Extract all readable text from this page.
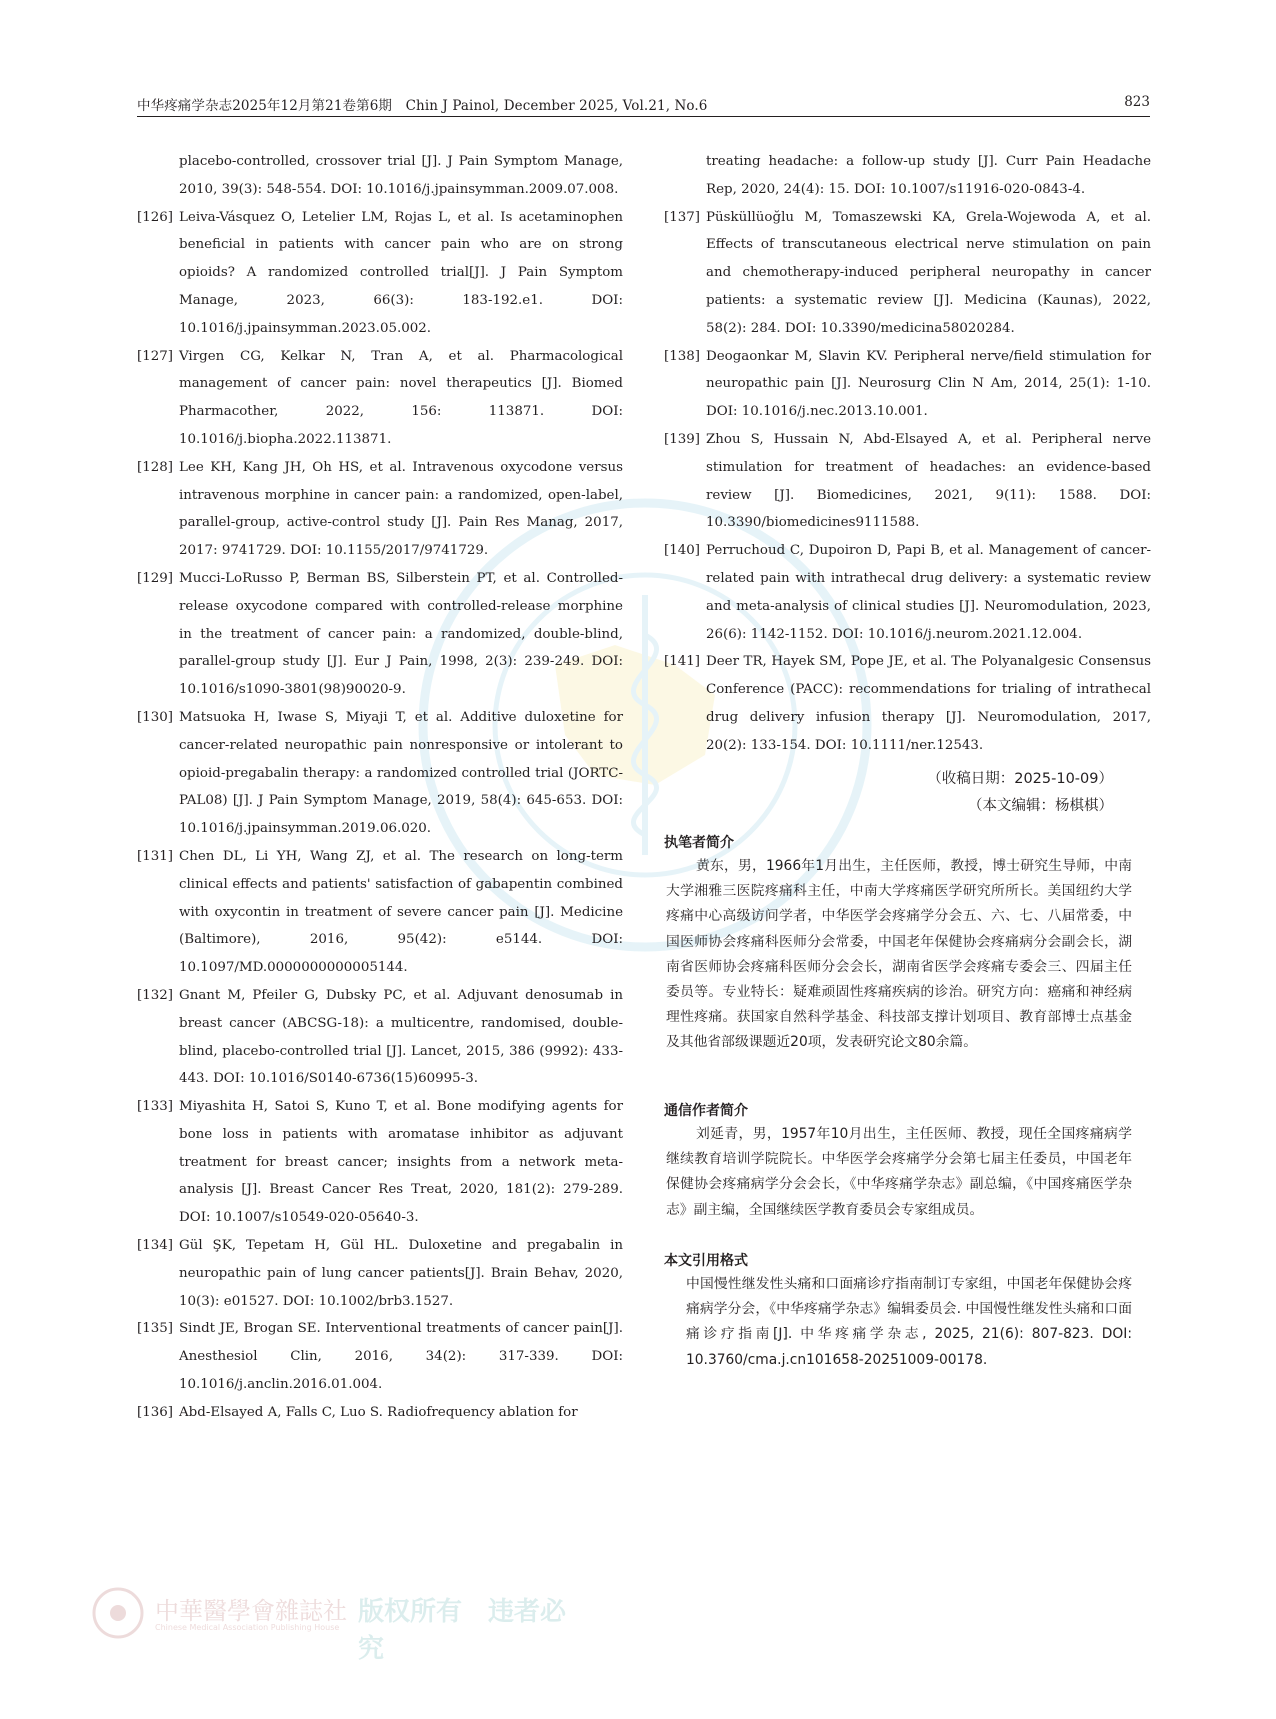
中华疼痛学杂志2025年12月第21卷第6期　Chin J Painol, December 2025, Vol.21, No.6	823
placebo-controlled, crossover trial [J]. J Pain Symptom Manage, 2010, 39(3): 548-554. DOI: 10.1016/j.jpainsymman.2009.07.008.
[126] Leiva-Vásquez O, Letelier LM, Rojas L, et al. Is acetaminophen beneficial in patients with cancer pain who are on strong opioids? A randomized controlled trial[J]. J Pain Symptom Manage, 2023, 66(3): 183-192.e1. DOI: 10.1016/j.jpainsymman.2023.05.002.
[127] Virgen CG, Kelkar N, Tran A, et al. Pharmacological management of cancer pain: novel therapeutics [J]. Biomed Pharmacother, 2022, 156: 113871. DOI: 10.1016/j.biopha.2022.113871.
[128] Lee KH, Kang JH, Oh HS, et al. Intravenous oxycodone versus intravenous morphine in cancer pain: a randomized, open-label, parallel-group, active-control study [J]. Pain Res Manag, 2017, 2017: 9741729. DOI: 10.1155/2017/9741729.
[129] Mucci-LoRusso P, Berman BS, Silberstein PT, et al. Controlled-release oxycodone compared with controlled-release morphine in the treatment of cancer pain: a randomized, double-blind, parallel-group study [J]. Eur J Pain, 1998, 2(3): 239-249. DOI: 10.1016/s1090-3801(98)90020-9.
[130] Matsuoka H, Iwase S, Miyaji T, et al. Additive duloxetine for cancer-related neuropathic pain nonresponsive or intolerant to opioid-pregabalin therapy: a randomized controlled trial (JORTC-PAL08) [J]. J Pain Symptom Manage, 2019, 58(4): 645-653. DOI: 10.1016/j.jpainsymman.2019.06.020.
[131] Chen DL, Li YH, Wang ZJ, et al. The research on long-term clinical effects and patients' satisfaction of gabapentin combined with oxycontin in treatment of severe cancer pain [J]. Medicine (Baltimore), 2016, 95(42): e5144. DOI: 10.1097/MD.0000000000005144.
[132] Gnant M, Pfeiler G, Dubsky PC, et al. Adjuvant denosumab in breast cancer (ABCSG-18): a multicentre, randomised, double-blind, placebo-controlled trial [J]. Lancet, 2015, 386 (9992): 433-443. DOI: 10.1016/S0140-6736(15)60995-3.
[133] Miyashita H, Satoi S, Kuno T, et al. Bone modifying agents for bone loss in patients with aromatase inhibitor as adjuvant treatment for breast cancer; insights from a network meta-analysis [J]. Breast Cancer Res Treat, 2020, 181(2): 279-289. DOI: 10.1007/s10549-020-05640-3.
[134] Gül ŞK, Tepetam H, Gül HL. Duloxetine and pregabalin in neuropathic pain of lung cancer patients[J]. Brain Behav, 2020, 10(3): e01527. DOI: 10.1002/brb3.1527.
[135] Sindt JE, Brogan SE. Interventional treatments of cancer pain[J]. Anesthesiol Clin, 2016, 34(2): 317-339. DOI: 10.1016/j.anclin.2016.01.004.
[136] Abd-Elsayed A, Falls C, Luo S. Radiofrequency ablation for
treating headache: a follow-up study [J]. Curr Pain Headache Rep, 2020, 24(4): 15. DOI: 10.1007/s11916-020-0843-4.
[137] Püsküllüoğlu M, Tomaszewski KA, Grela-Wojewoda A, et al. Effects of transcutaneous electrical nerve stimulation on pain and chemotherapy-induced peripheral neuropathy in cancer patients: a systematic review [J]. Medicina (Kaunas), 2022, 58(2): 284. DOI: 10.3390/medicina58020284.
[138] Deogaonkar M, Slavin KV. Peripheral nerve/field stimulation for neuropathic pain [J]. Neurosurg Clin N Am, 2014, 25(1): 1-10. DOI: 10.1016/j.nec.2013.10.001.
[139] Zhou S, Hussain N, Abd-Elsayed A, et al. Peripheral nerve stimulation for treatment of headaches: an evidence-based review [J]. Biomedicines, 2021, 9(11): 1588. DOI: 10.3390/biomedicines9111588.
[140] Perruchoud C, Dupoiron D, Papi B, et al. Management of cancer-related pain with intrathecal drug delivery: a systematic review and meta-analysis of clinical studies [J]. Neuromodulation, 2023, 26(6): 1142-1152. DOI: 10.1016/j.neurom.2021.12.004.
[141] Deer TR, Hayek SM, Pope JE, et al. The Polyanalgesic Consensus Conference (PACC): recommendations for trialing of intrathecal drug delivery infusion therapy [J]. Neuromodulation, 2017, 20(2): 133-154. DOI: 10.1111/ner.12543.
（收稿日期：2025-10-09）
（本文编辑：杨棋棋）
执笔者简介
黄东，男，1966年1月出生，主任医师，教授，博士研究生导师，中南大学湘雅三医院疼痛科主任，中南大学疼痛医学研究所所长。美国纽约大学疼痛中心高级访问学者，中华医学会疼痛学分会五、六、七、八届常委，中国医师协会疼痛科医师分会常委，中国老年保健协会疼痛病分会副会长，湖南省医师协会疼痛科医师分会会长，湖南省医学会疼痛专委会三、四届主任委员等。专业特长：疑难顽固性疼痛疾病的诊治。研究方向：癌痛和神经病理性疼痛。获国家自然科学基金、科技部支撑计划项目、教育部博士点基金及其他省部级课题近20项，发表研究论文80余篇。
通信作者简介
刘延青，男，1957年10月出生，主任医师、教授，现任全国疼痛病学继续教育培训学院院长。中华医学会疼痛学分会第七届主任委员，中国老年保健协会疼痛病学分会会长，《中华疼痛学杂志》副总编，《中国疼痛医学杂志》副主编，全国继续医学教育委员会专家组成员。
本文引用格式
中国慢性继发性头痛和口面痛诊疗指南制订专家组，中国老年保健协会疼痛病学分会，《中华疼痛学杂志》编辑委员会. 中国慢性继发性头痛和口面痛诊疗指南[J]. 中华疼痛学杂志, 2025, 21(6): 807-823. DOI: 10.3760/cma.j.cn101658-20251009-00178.
中華醫學會雜誌社
Chinese Medical Association Publishing House
版权所有　违者必究
